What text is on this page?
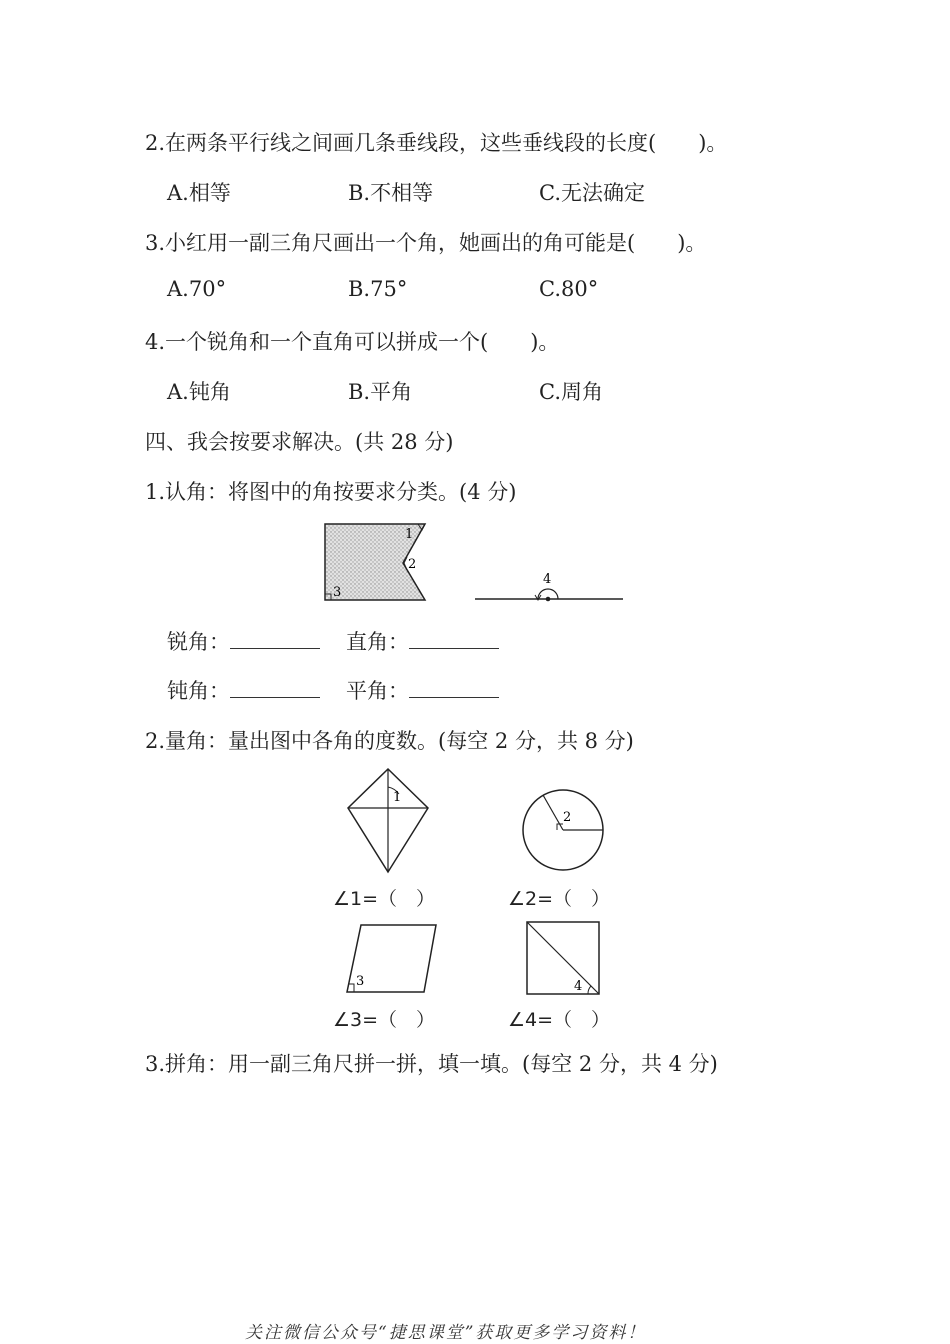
2.在两条平行线之间画几条垂线段，这些垂线段的长度(　　)。
A.相等	B.不相等	C.无法确定
3.小红用一副三角尺画出一个角，她画出的角可能是(　　)。
A.70°	B.75°	C.80°
4.一个锐角和一个直角可以拼成一个(　　)。
A.钝角	B.平角	C.周角
四、我会按要求解决。(共 28 分)
1.认角：将图中的角按要求分类。(4 分)
1
2
3
4
锐角：	直角：
钝角：	平角：
2.量角：量出图中各角的度数。(每空 2 分，共 8 分)
1
2
3	4
∠1=（　）	∠2=（　）
∠3=（　）	∠4=（　）
3.拼角：用一副三角尺拼一拼，填一填。(每空 2 分，共 4 分)
关注微信公众号“捷思课堂”获取更多学习资料！
